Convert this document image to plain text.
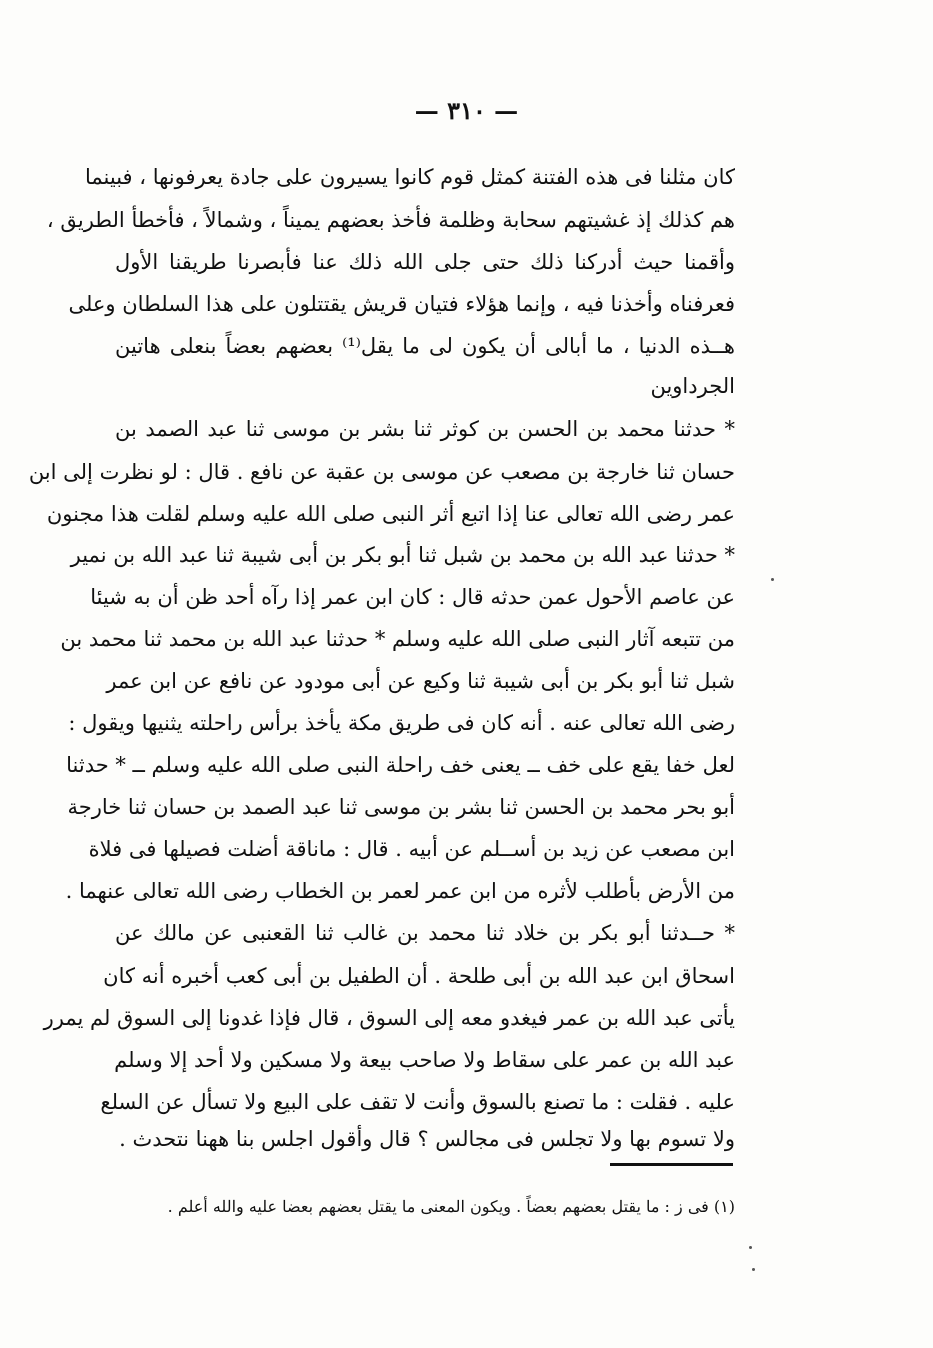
— ٣١٠ —
كان مثلنا فى هذه الفتنة كمثل قوم كانوا يسيرون على جادة يعرفونها ، فبينما
هم كذلك إذ غشيتهم سحابة وظلمة فأخذ بعضهم يميناً ، وشمالاً ، فأخطأ الطريق ،
وأقمنا حيث أدركنا ذلك حتى جلى الله ذلك عنا فأبصرنا طريقنا الأول
فعرفناه وأخذنا فيه ، وإنما هؤلاء فتيان قريش يقتتلون على هذا السلطان وعلى
هــذه الدنيا ، ما أبالى أن يكون لى ما يقل⁽¹⁾ بعضهم بعضاً بنعلى هاتين
الجرداوين
* حدثنا محمد بن الحسن بن كوثر ثنا بشر بن موسى ثنا عبد الصمد بن
حسان ثنا خارجة بن مصعب عن موسى بن عقبة عن نافع . قال : لو نظرت إلى ابن
عمر رضى الله تعالى عنا إذا اتبع أثر النبى صلى الله عليه وسلم لقلت هذا مجنون
* حدثنا عبد الله بن محمد بن شبل ثنا أبو بكر بن أبى شيبة ثنا عبد الله بن نمير
عن عاصم الأحول عمن حدثه قال : كان ابن عمر إذا رآه أحد ظن أن به شيئا
من تتبعه آثار النبى صلى الله عليه وسلم * حدثنا عبد الله بن محمد ثنا محمد بن
شبل ثنا أبو بكر بن أبى شيبة ثنا وكيع عن أبى مودود عن نافع عن ابن عمر
رضى الله تعالى عنه . أنه كان فى طريق مكة يأخذ برأس راحلته يثنيها ويقول :
لعل خفا يقع على خف ــ يعنى خف راحلة النبى صلى الله عليه وسلم ــ * حدثنا
أبو بحر محمد بن الحسن ثنا بشر بن موسى ثنا عبد الصمد بن حسان ثنا خارجة
ابن مصعب عن زيد بن أســلم عن أبيه . قال : ماناقة أضلت فصيلها فى فلاة
من الأرض بأطلب لأثره من ابن عمر لعمر بن الخطاب رضى الله تعالى عنهما .
* حــدثنا أبو بكر بن خلاد ثنا محمد بن غالب ثنا القعنبى عن مالك عن
اسحاق ابن عبد الله بن أبى طلحة . أن الطفيل بن أبى كعب أخبره أنه كان
يأتى عبد الله بن عمر فيغدو معه إلى السوق ، قال فإذا غدونا إلى السوق لم يمرر
عبد الله بن عمر على سقاط ولا صاحب بيعة ولا مسكين ولا أحد إلا وسلم
عليه . فقلت : ما تصنع بالسوق وأنت لا تقف على البيع ولا تسأل عن السلع
ولا تسوم بها ولا تجلس فى مجالس ؟ قال وأقول اجلس بنا ههنا نتحدث .
(١) فى ز : ما يقتل بعضهم بعضاً . ويكون المعنى ما يقتل بعضهم بعضا عليه والله أعلم .
